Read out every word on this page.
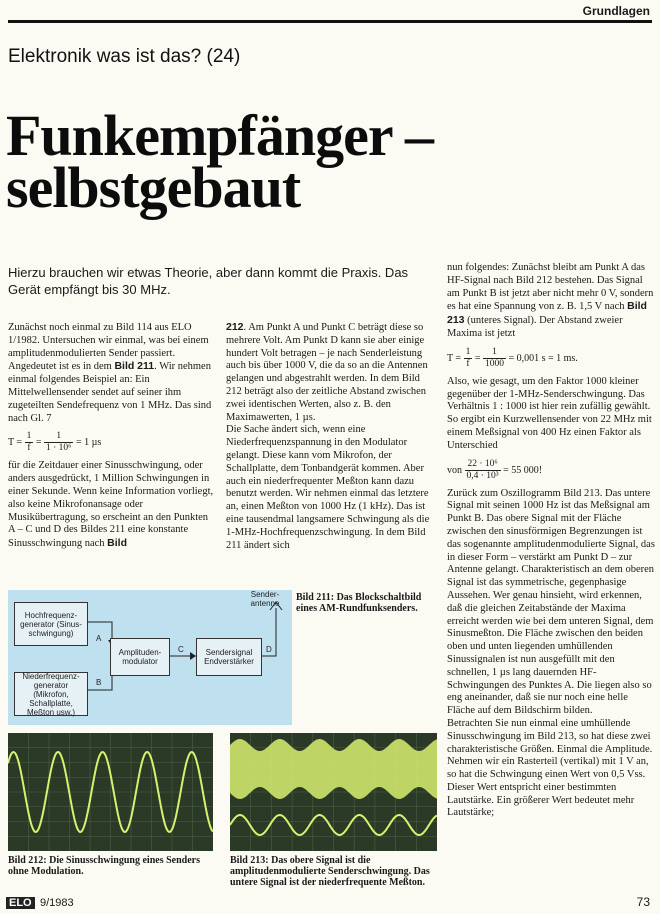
Grundlagen
Elektronik was ist das? (24)
Funkempfänger –
selbstgebaut
Hierzu brauchen wir etwas Theorie, aber dann kommt die Praxis. Das Gerät empfängt bis 30 MHz.

Zunächst noch einmal zu Bild 114 aus ELO 1/1982. Untersuchen wir einmal, was bei einem amplitudenmodulierten Sender passiert. Angedeutet ist es in dem Bild 211. Wir nehmen einmal folgendes Beispiel an: Ein Mittelwellensender sendet auf seiner ihm zugeteilten Sendefrequenz von 1 MHz. Das sind nach Gl. 7

$T = \frac{1}{f} = \frac{1}{\text{1 · 10⁶}} = 1$ µs

für die Zeitdauer einer Sinusschwingung, oder anders ausgedrückt, 1 Million Schwingungen in einer Sekunde. Wenn keine Information vorliegt, also keine Mikrofonansage oder Musikübertragung, so erscheint an den Punkten A – C und D des Bildes 211 eine konstante Sinusschwingung nach Bild

212. Am Punkt A und Punkt C beträgt diese so mehrere Volt. Am Punkt D kann sie aber einige hundert Volt betragen – je nach Senderleistung auch bis über 1000 V, die da so an die Antennen gelangen und abgestrahlt werden. In dem Bild 212 beträgt also der zeitliche Abstand zwischen zwei identischen Werten, also z. B. den Maximawerten, 1 µs.

Die Sache ändert sich, wenn eine Niederfrequenzspannung in den Modulator gelangt. Diese kann vom Mikrofon, der Schallplatte, dem Tonbandgerät kommen. Aber auch ein niederfrequenter Meßton kann dazu benutzt werden. Wir nehmen einmal das letztere an, einen Meßton von 1000 Hz (1 kHz). Das ist eine tausendmal langsamere Schwingung als die 1-MHz-Hochfrequenzschwingung. In dem Bild 211 ändert sich

nun folgendes: Zunächst bleibt am Punkt A das HF-Signal nach Bild 212 bestehen. Das Signal am Punkt B ist jetzt aber nicht mehr 0 V, sondern es hat eine Spannung von z. B. 1,5 V nach Bild 213 (unteres Signal). Der Abstand zweier Maxima ist jetzt

$T = \frac{1}{f} = \frac{1}{1000} = 0,001$ s = 1 ms.

Also, wie gesagt, um den Faktor 1000 kleiner gegenüber der 1-MHz-Senderschwingung. Das Verhältnis 1 : 1000 ist hier rein zufällig gewählt. So ergibt ein Kurzwellensender von 22 MHz mit einem Meßsignal von 400 Hz einen Faktor als Unterschied

von $\frac{\text{22 · 10⁶}}{\text{0,4 · 10³}} = 55$ 000!

Zurück zum Oszillogramm Bild 213. Das untere Signal mit seinen 1000 Hz ist das Meßsignal am Punkt B. Das obere Signal mit der Fläche zwischen den sinusförmigen Begrenzungen ist das sogenannte amplitudenmodulierte Signal, das in dieser Form – verstärkt am Punkt D – zur Antenne gelangt. Charakteristisch an dem oberen Signal ist das symmetrische, gegenphasige Aussehen. Wer genau hinsieht, wird erkennen, daß die gleichen Zeitabstände der Maxima erreicht werden wie bei dem unteren Signal, dem Sinusmeßton. Die Fläche zwischen den beiden oben und unten liegenden umhüllenden Sinussignalen ist nun ausgefüllt mit den schnellen, 1 µs lang dauernden HF-Schwingungen des Punktes A. Die liegen also so eng aneinander, daß sie nur noch eine helle Fläche auf dem Bildschirm bilden.

Betrachten Sie nun einmal eine umhüllende Sinusschwingung im Bild 213, so hat diese zwei charakteristische Größen. Einmal die Amplitude. Nehmen wir ein Rasterteil (vertikal) mit 1 V an, so hat die Schwingung einen Wert von 0,5 Vss. Dieser Wert entspricht einer bestimmten Lautstärke. Ein größerer Wert bedeutet mehr Lautstärke;

Hochfrequenz-generator (Sinus-schwingung)
Niederfrequenz-generator (Mikrofon, Schallplatte, Meßton usw.)
Amplituden-modulator
Sendersignal Endverstärker
Sender-antenne
A
B
C	D
Bild 211: Das Blockschaltbild eines AM-Rundfunksenders.
Bild 212: Die Sinusschwingung eines Senders ohne Modulation.
Bild 213: Das obere Signal ist die amplitudenmodulierte Senderschwingung. Das untere Signal ist der niederfrequente Meßton.
ELO 9/1983	73
